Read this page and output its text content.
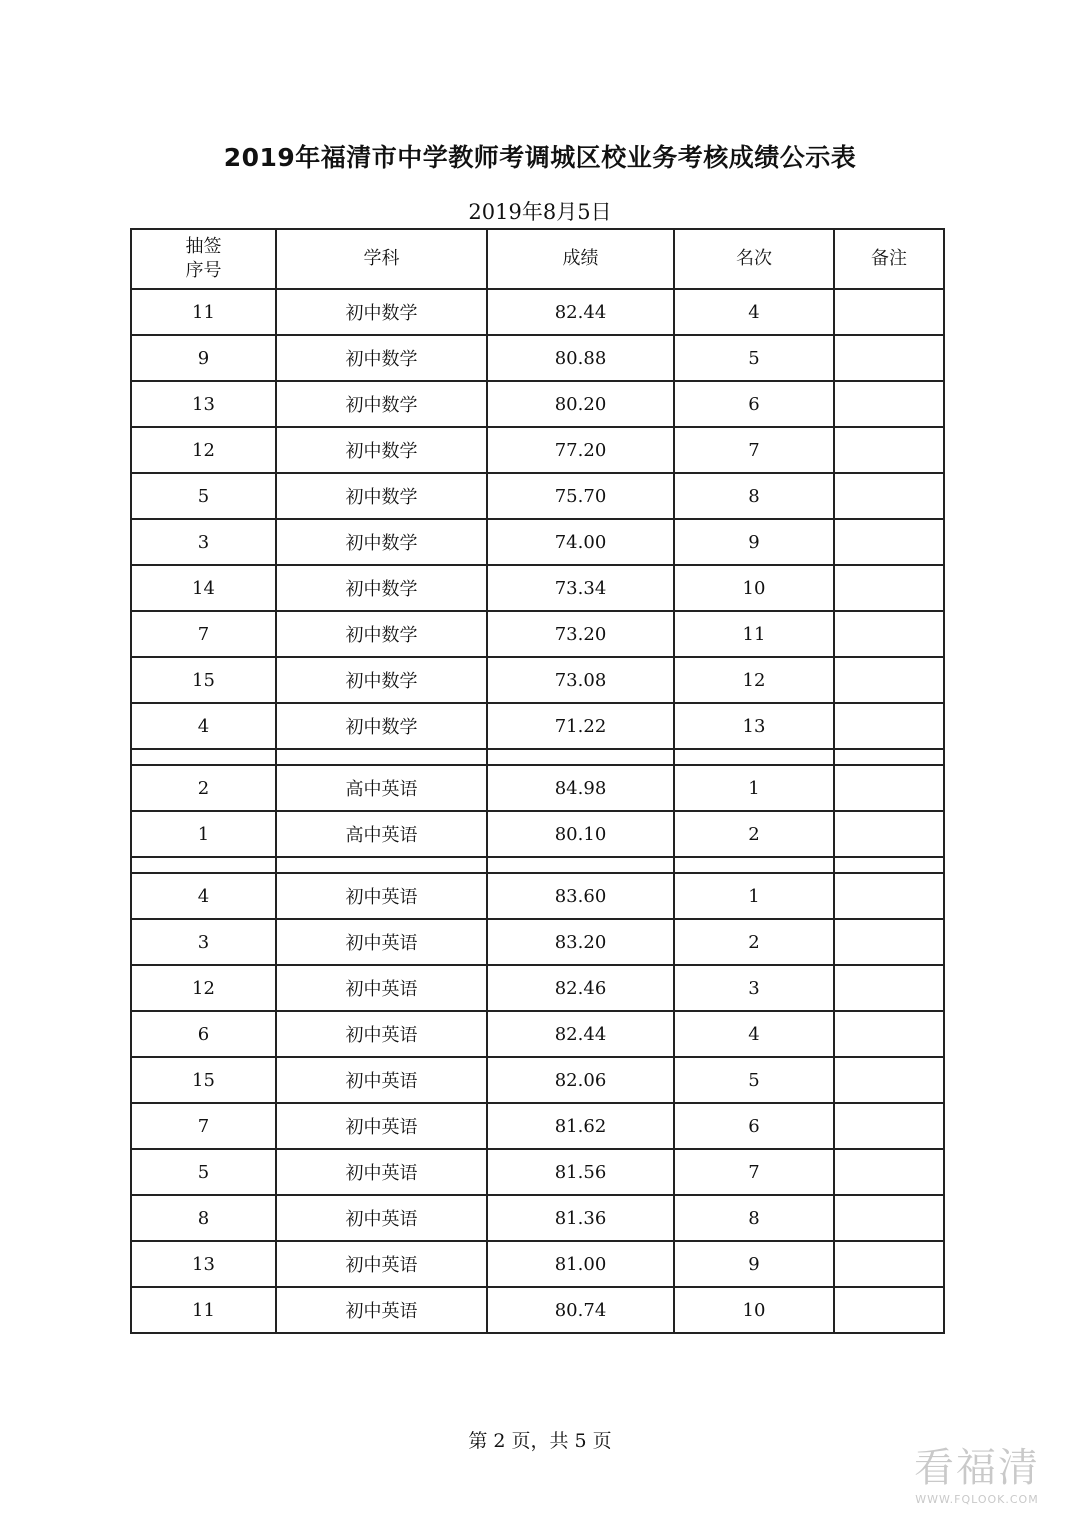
2019年福清市中学教师考调城区校业务考核成绩公示表
2019年8月5日
抽签
序号	学科	成绩	名次	备注
11	初中数学	82.44	4	
9	初中数学	80.88	5	
13	初中数学	80.20	6	
12	初中数学	77.20	7	
5	初中数学	75.70	8	
3	初中数学	74.00	9	
14	初中数学	73.34	10	
7	初中数学	73.20	11	
15	初中数学	73.08	12	
4	初中数学	71.22	13	

2	高中英语	84.98	1	
1	高中英语	80.10	2	

4	初中英语	83.60	1	
3	初中英语	83.20	2	
12	初中英语	82.46	3	
6	初中英语	82.44	4	
15	初中英语	82.06	5	
7	初中英语	81.62	6	
5	初中英语	81.56	7	
8	初中英语	81.36	8	
13	初中英语	81.00	9	
11	初中英语	80.74	10	
第 2 页，共 5 页
看福清
WWW.FQLOOK.COM
